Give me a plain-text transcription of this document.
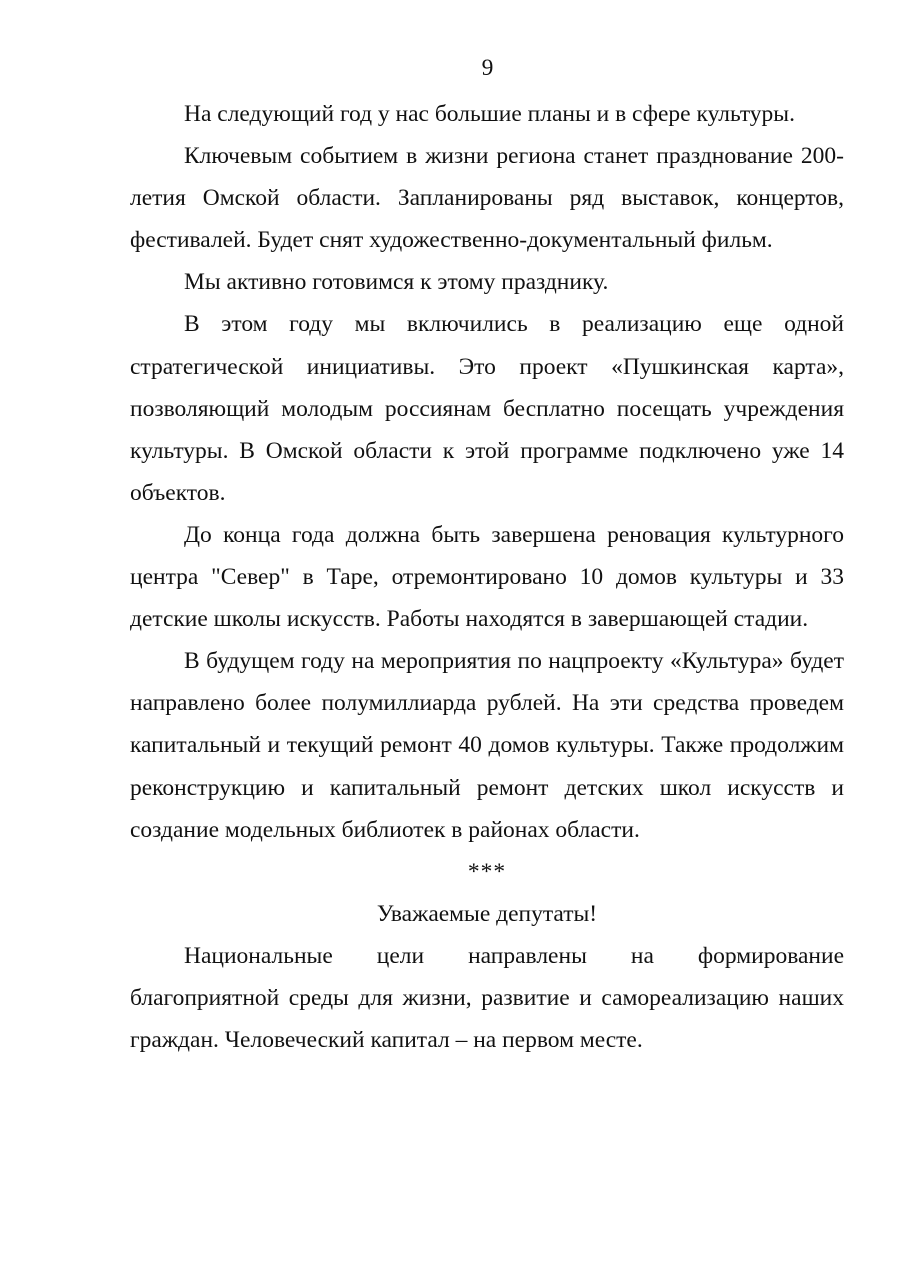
9

На следующий год у нас большие планы и в сфере культуры.

Ключевым событием в жизни региона станет празднование 200-летия Омской области. Запланированы ряд выставок, концертов, фестивалей. Будет снят художественно-документальный фильм.

Мы активно готовимся к этому празднику.

В этом году мы включились в реализацию еще одной стратегической инициативы. Это проект «Пушкинская карта», позволяющий молодым россиянам бесплатно посещать учреждения культуры. В Омской области к этой программе подключено уже 14 объектов.

До конца года должна быть завершена реновация культурного центра "Север" в Таре, отремонтировано 10 домов культуры и 33 детские школы искусств. Работы находятся в завершающей стадии.

В будущем году на мероприятия по нацпроекту «Культура» будет направлено более полумиллиарда рублей. На эти средства проведем капитальный и текущий ремонт 40 домов культуры. Также продолжим реконструкцию и капитальный ремонт детских школ искусств и создание модельных библиотек в районах области.

***

Уважаемые депутаты!

Национальные цели направлены на формирование благоприятной среды для жизни, развитие и самореализацию наших граждан. Человеческий капитал – на первом месте.
